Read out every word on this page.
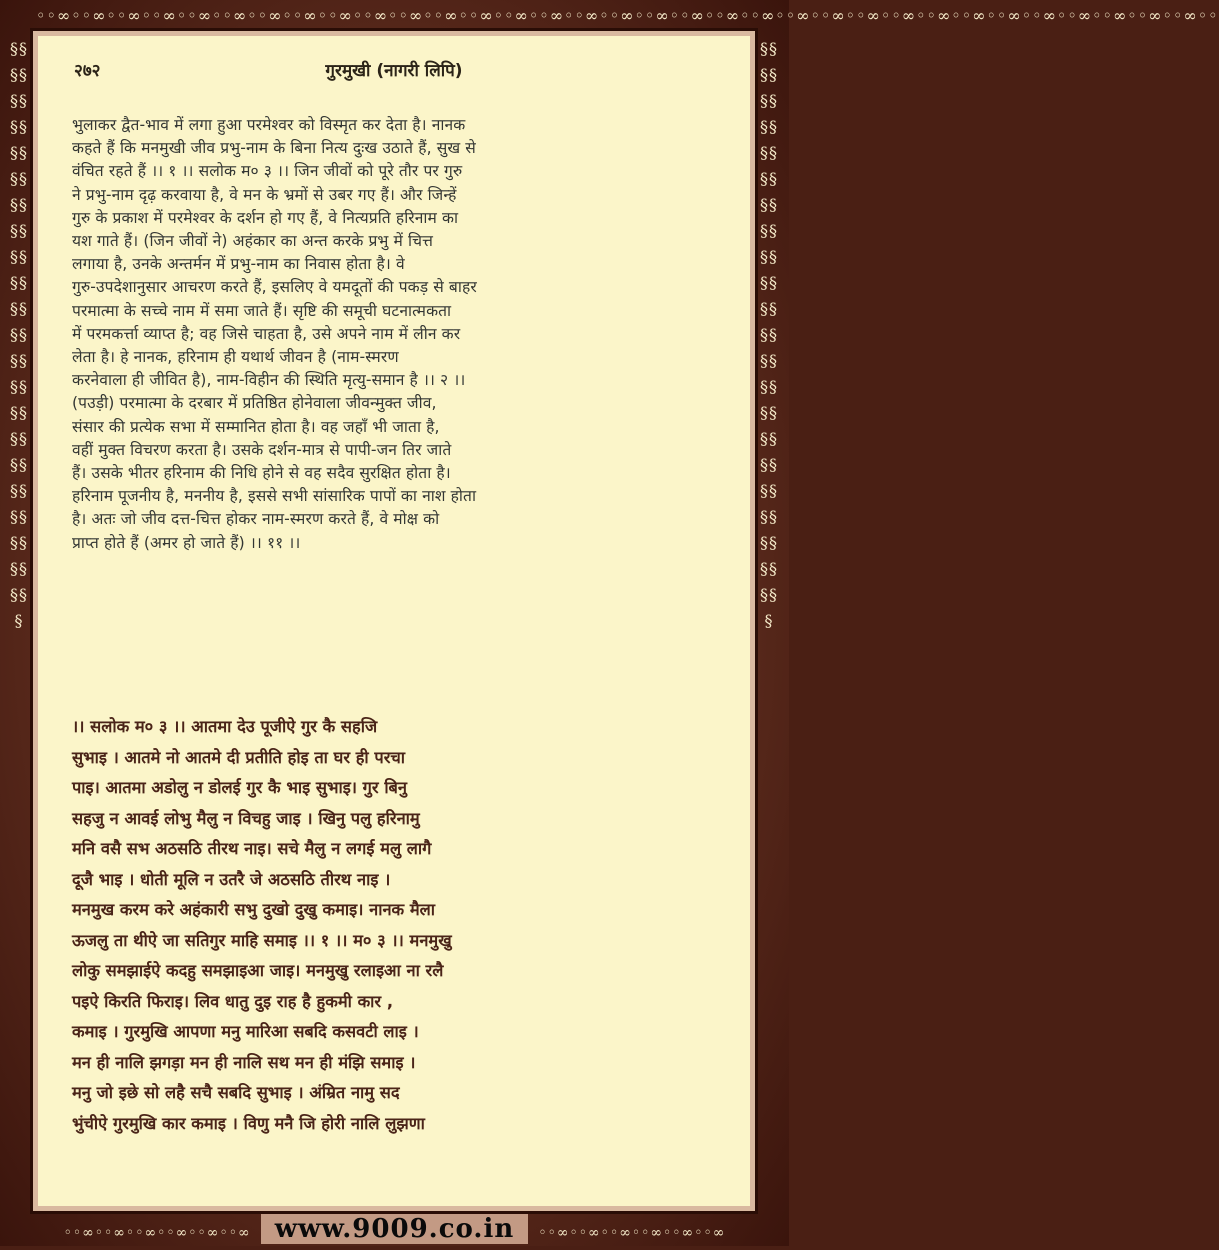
◦◦∞◦◦∞◦◦∞◦◦∞◦◦∞◦◦∞◦◦∞◦◦∞◦◦∞◦◦∞◦◦∞◦◦∞◦◦∞◦◦∞◦◦∞◦◦∞◦◦∞◦◦∞◦◦∞◦◦∞◦◦∞◦◦∞◦◦∞◦◦∞◦◦∞◦◦∞◦◦∞◦◦∞◦◦∞◦◦∞◦◦∞◦◦∞◦◦∞◦◦
§§§§§§§§§§§§§§§§§§§§§§§§§§§§§§§§§§§§§§§§§§§§§
§§§§§§§§§§§§§§§§§§§§§§§§§§§§§§§§§§§§§§§§§§§§§
२७२	गुरमुखी (नागरी लिपि)
भुलाकर द्वैत-भाव में लगा हुआ परमेश्वर को विस्मृत कर देता है। नानक
कहते हैं कि मनमुखी जीव प्रभु-नाम के बिना नित्य दुःख उठाते हैं, सुख से
वंचित रहते हैं ।। १ ।। सलोक म० ३ ।। जिन जीवों को पूरे तौर पर गुरु
ने प्रभु-नाम दृढ़ करवाया है, वे मन के भ्रमों से उबर गए हैं। और जिन्हें
गुरु के प्रकाश में परमेश्वर के दर्शन हो गए हैं, वे नित्यप्रति हरिनाम का
यश गाते हैं। (जिन जीवों ने) अहंकार का अन्त करके प्रभु में चित्त
लगाया है, उनके अन्तर्मन में प्रभु-नाम का निवास होता है। वे
गुरु-उपदेशानुसार आचरण करते हैं, इसलिए वे यमदूतों की पकड़ से बाहर
परमात्मा के सच्चे नाम में समा जाते हैं। सृष्टि की समूची घटनात्मकता
में परमकर्त्ता व्याप्त है; वह जिसे चाहता है, उसे अपने नाम में लीन कर
लेता है। हे नानक, हरिनाम ही यथार्थ जीवन है (नाम-स्मरण
करनेवाला ही जीवित है), नाम-विहीन की स्थिति मृत्यु-समान है ।। २ ।।
(पउड़ी) परमात्मा के दरबार में प्रतिष्ठित होनेवाला जीवन्मुक्त जीव,
संसार की प्रत्येक सभा में सम्मानित होता है। वह जहाँ भी जाता है,
वहीं मुक्त विचरण करता है। उसके दर्शन-मात्र से पापी-जन तिर जाते
हैं। उसके भीतर हरिनाम की निधि होने से वह सदैव सुरक्षित होता है।
हरिनाम पूजनीय है, मननीय है, इससे सभी सांसारिक पापों का नाश होता
है। अतः जो जीव दत्त-चित्त होकर नाम-स्मरण करते हैं, वे मोक्ष को
प्राप्त होते हैं (अमर हो जाते हैं) ।। ११ ।।
।। सलोक म० ३ ।। आतमा देउ पूजीऐ गुर कै सहजि
सुभाइ । आतमे नो आतमे दी प्रतीति होइ ता घर ही परचा
पाइ। आतमा अडोलु न डोलई गुर कै भाइ सुभाइ। गुर बिनु
सहजु न आवई लोभु मैलु न विचहु जाइ । खिनु पलु हरिनामु
मनि वसै सभ अठसठि तीरथ नाइ। सचे मैलु न लगई मलु लागै
दूजै भाइ । धोती मूलि न उतरै जे अठसठि तीरथ नाइ ।
मनमुख करम करे अहंकारी सभु दुखो दुखु कमाइ। नानक मैला
ऊजलु ता थीऐ जा सतिगुर माहि समाइ ।। १ ।। म० ३ ।। मनमुखु
लोकु समझाईऐ कदहु समझाइआ जाइ। मनमुखु रलाइआ ना रलै
पइऐ किरति फिराइ। लिव धातु दुइ राह है हुकमी कार ,
कमाइ । गुरमुखि आपणा मनु मारिआ सबदि कसवटी लाइ ।
मन ही नालि झगड़ा मन ही नालि सथ मन ही मंझि समाइ ।
मनु जो इछे सो लहै सचै सबदि सुभाइ । अंम्रित नामु सद
भुंचीऐ गुरमुखि कार कमाइ । विणु मनै जि होरी नालि लुझणा
◦◦∞◦◦∞◦◦∞◦◦∞◦◦∞◦◦∞ www.9009.co.in ◦◦∞◦◦∞◦◦∞◦◦∞◦◦∞◦◦∞
